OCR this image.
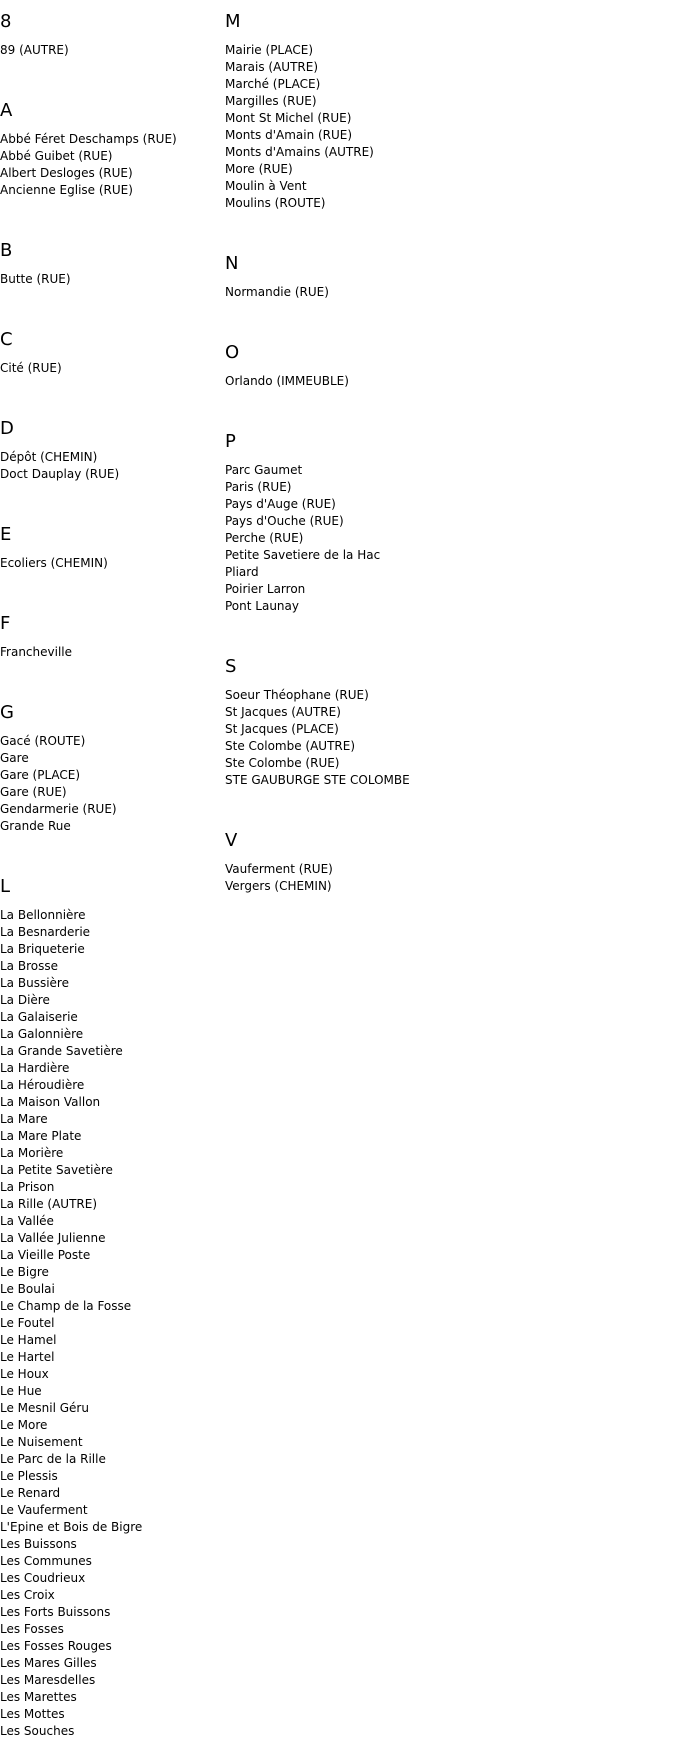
8
89 (AUTRE)
A
Abbé Féret Deschamps (RUE)
Abbé Guibet (RUE)
Albert Desloges (RUE)
Ancienne Eglise (RUE)
B
Butte (RUE)
C
Cité (RUE)
D
Dépôt (CHEMIN)
Doct Dauplay (RUE)
E
Ecoliers (CHEMIN)
F
Francheville
G
Gacé (ROUTE)
Gare
Gare (PLACE)
Gare (RUE)
Gendarmerie (RUE)
Grande Rue
L
La Bellonnière
La Besnarderie
La Briqueterie
La Brosse
La Bussière
La Dière
La Galaiserie
La Galonnière
La Grande Savetière
La Hardière
La Héroudière
La Maison Vallon
La Mare
La Mare Plate
La Morière
La Petite Savetière
La Prison
La Rille (AUTRE)
La Vallée
La Vallée Julienne
La Vieille Poste
Le Bigre
Le Boulai
Le Champ de la Fosse
Le Foutel
Le Hamel
Le Hartel
Le Houx
Le Hue
Le Mesnil Géru
Le More
Le Nuisement
Le Parc de la Rille
Le Plessis
Le Renard
Le Vauferment
L'Epine et Bois de Bigre
Les Buissons
Les Communes
Les Coudrieux
Les Croix
Les Forts Buissons
Les Fosses
Les Fosses Rouges
Les Mares Gilles
Les Maresdelles
Les Marettes
Les Mottes
Les Souches
M
Mairie (PLACE)
Marais (AUTRE)
Marché (PLACE)
Margilles (RUE)
Mont St Michel (RUE)
Monts d'Amain (RUE)
Monts d'Amains (AUTRE)
More (RUE)
Moulin à Vent
Moulins (ROUTE)
N
Normandie (RUE)
O
Orlando (IMMEUBLE)
P
Parc Gaumet
Paris (RUE)
Pays d'Auge (RUE)
Pays d'Ouche (RUE)
Perche (RUE)
Petite Savetiere de la Hac
Pliard
Poirier Larron
Pont Launay
S
Soeur Théophane (RUE)
St Jacques (AUTRE)
St Jacques (PLACE)
Ste Colombe (AUTRE)
Ste Colombe (RUE)
STE GAUBURGE STE COLOMBE
V
Vauferment (RUE)
Vergers (CHEMIN)
